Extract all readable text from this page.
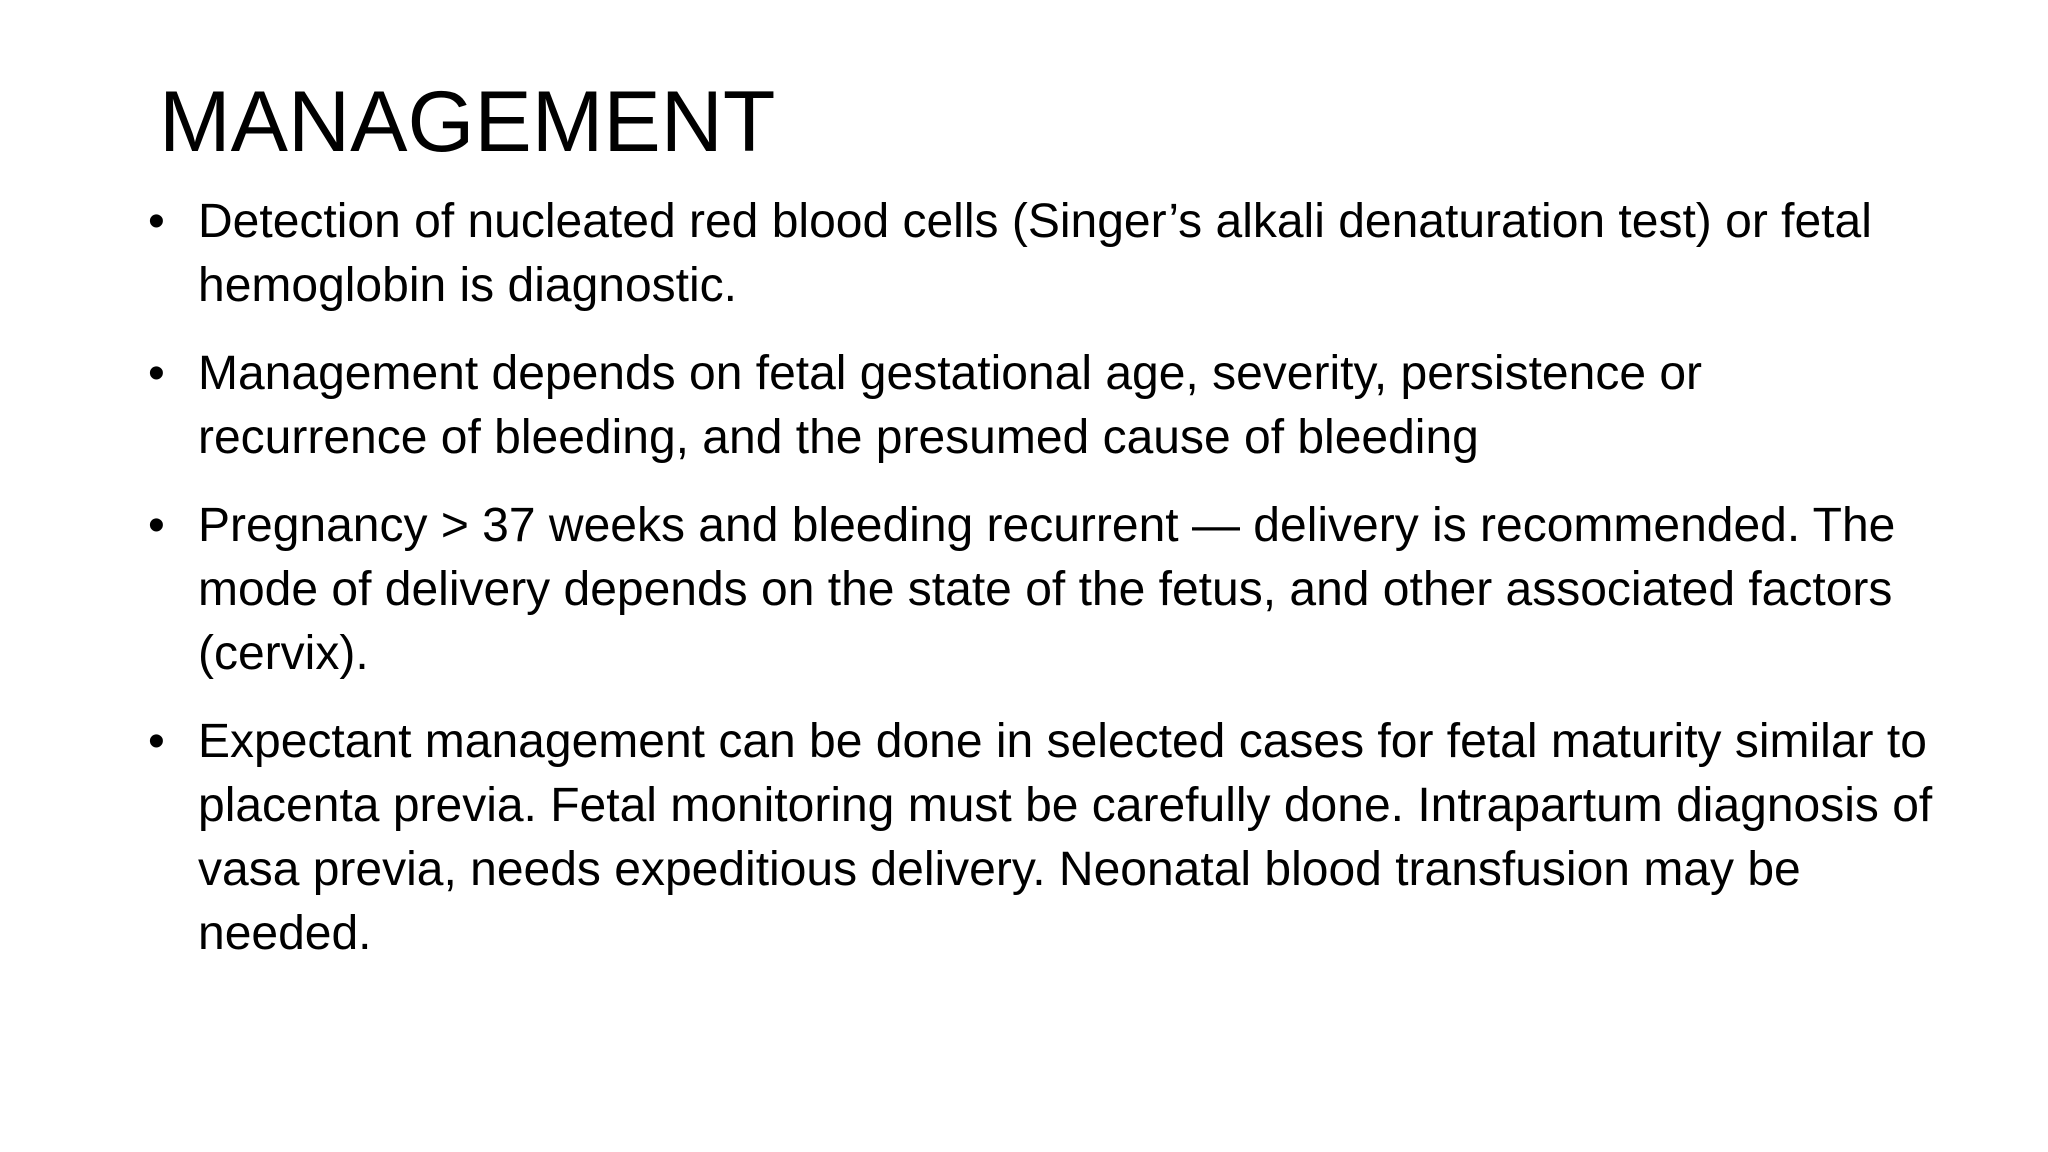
MANAGEMENT
• Detection of nucleated red blood cells (Singer’s alkali denaturation test) or fetal hemoglobin is diagnostic.
• Management depends on fetal gestational age, severity, persistence or recurrence of bleeding, and the presumed cause of bleeding
• Pregnancy > 37 weeks and bleeding recurrent — delivery is recommended. The mode of delivery depends on the state of the fetus, and other associated factors (cervix).
• Expectant management can be done in selected cases for fetal maturity similar to placenta previa. Fetal monitoring must be carefully done. Intrapartum diagnosis of vasa previa, needs expeditious delivery. Neonatal blood transfusion may be needed.
